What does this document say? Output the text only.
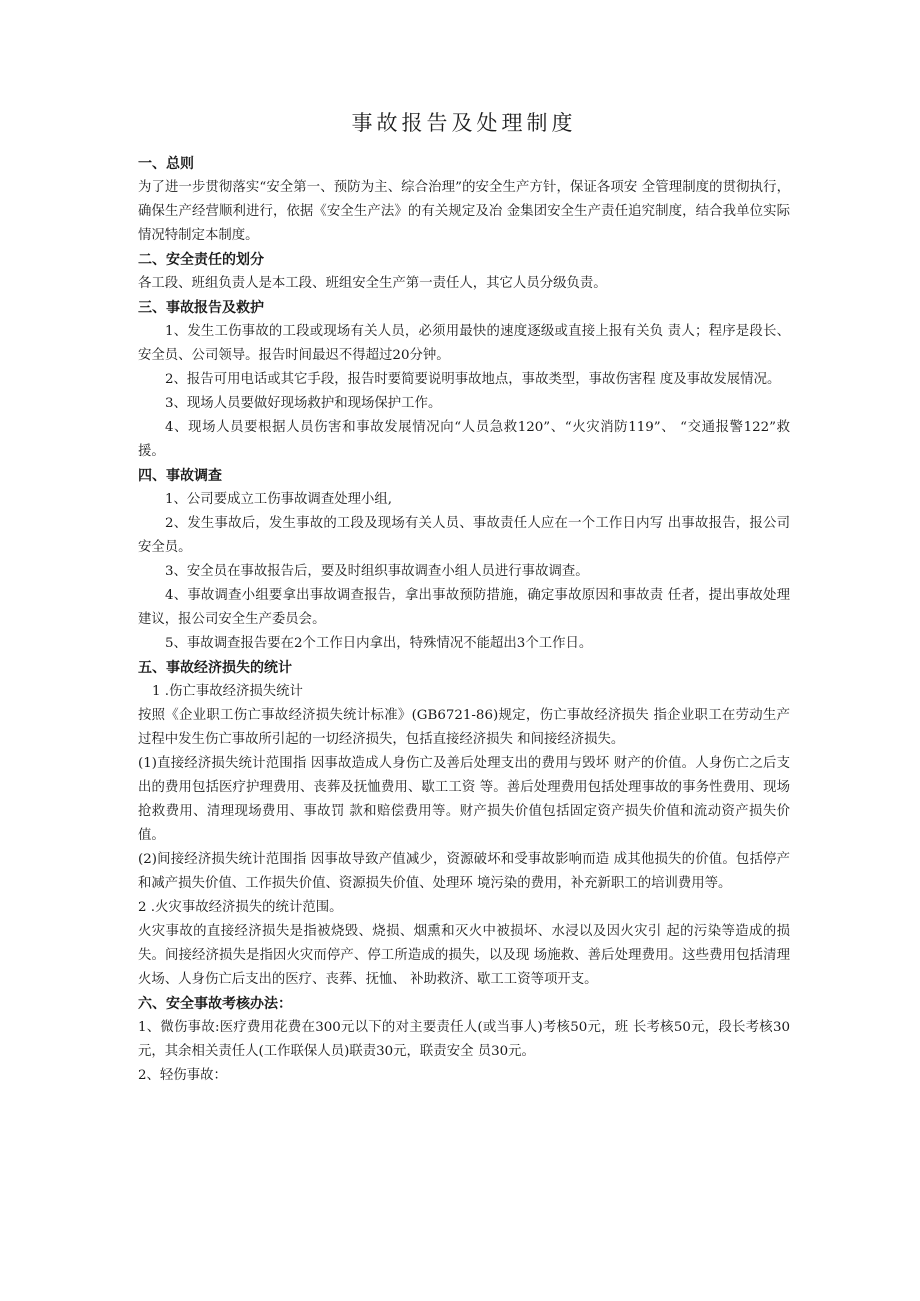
事故报告及处理制度

一、总则

为了进一步贯彻落实“安全第一、预防为主、综合治理”的安全生产方针，保证各项安 全管理制度的贯彻执行，确保生产经营顺利进行，依据《安全生产法》的有关规定及冶 金集团安全生产责任追究制度，结合我单位实际情况特制定本制度。

二、安全责任的划分

各工段、班组负责人是本工段、班组安全生产第一责任人，其它人员分级负责。

三、事故报告及救护

1、发生工伤事故的工段或现场有关人员，必须用最快的速度逐级或直接上报有关负 责人；程序是段长、安全员、公司领导。报告时间最迟不得超过20分钟。

2、报告可用电话或其它手段，报告时要简要说明事故地点，事故类型，事故伤害程 度及事故发展情况。

3、现场人员要做好现场救护和现场保护工作。

4、现场人员要根据人员伤害和事故发展情况向“人员急救120”、“火灾消防119”、 “交通报警122”救援。

四、事故调查

1、公司要成立工伤事故调查处理小组,

2、发生事故后，发生事故的工段及现场有关人员、事故责任人应在一个工作日内写 出事故报告，报公司安全员。

3、安全员在事故报告后，要及时组织事故调查小组人员进行事故调查。

4、事故调查小组要拿出事故调查报告，拿出事故预防措施，确定事故原因和事故责 任者，提出事故处理建议，报公司安全生产委员会。

5、事故调查报告要在2个工作日内拿出，特殊情况不能超出3个工作日。

五、事故经济损失的统计

1 .伤亡事故经济损失统计

按照《企业职工伤亡事故经济损失统计标准》(GB6721-86)规定，伤亡事故经济损失 指企业职工在劳动生产过程中发生伤亡事故所引起的一切经济损失，包括直接经济损失 和间接经济损失。

(1)直接经济损失统计范围指 因事故造成人身伤亡及善后处理支出的费用与毁坏 财产的价值。人身伤亡之后支出的费用包括医疗护理费用、丧葬及抚恤费用、歇工工资 等。善后处理费用包括处理事故的事务性费用、现场抢救费用、清理现场费用、事故罚 款和赔偿费用等。财产损失价值包括固定资产损失价值和流动资产损失价值。

(2)间接经济损失统计范围指 因事故导致产值减少，资源破坏和受事故影响而造 成其他损失的价值。包括停产和减产损失价值、工作损失价值、资源损失价值、处理环 境污染的费用，补充新职工的培训费用等。

2 .火灾事故经济损失的统计范围。

火灾事故的直接经济损失是指被烧毁、烧损、烟熏和灭火中被损坏、水浸以及因火灾引 起的污染等造成的损失。间接经济损失是指因火灾而停产、停工所造成的损失，以及现 场施救、善后处理费用。这些费用包括清理火场、人身伤亡后支出的医疗、丧葬、抚恤、 补助救济、歇工工资等项开支。

六、安全事故考核办法：

1、微伤事故:医疗费用花费在300元以下的对主要责任人(或当事人)考核50元，班 长考核50元，段长考核30元，其余相关责任人(工作联保人员)联责30元，联责安全 员30元。

2、轻伤事故：
